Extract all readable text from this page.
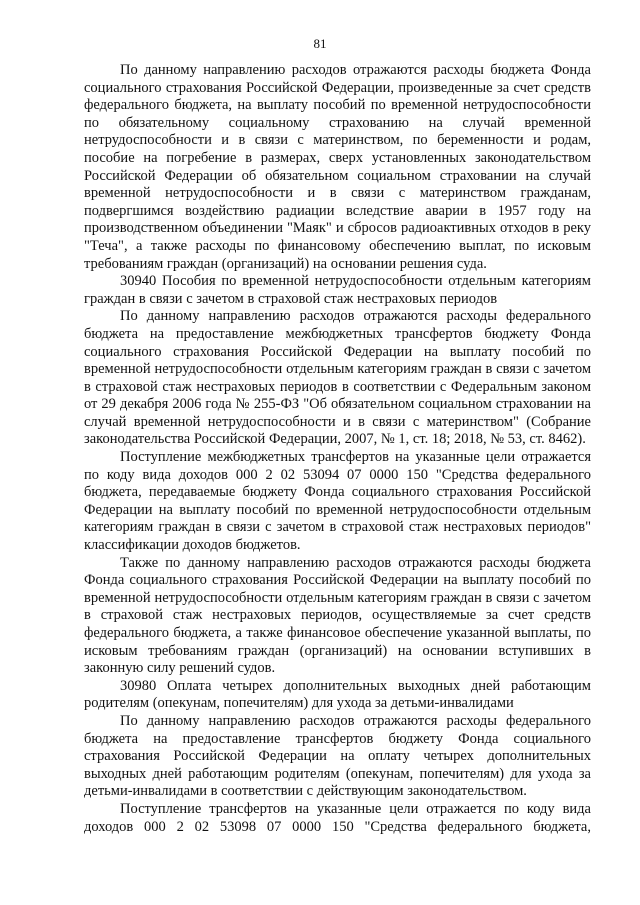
81

По данному направлению расходов отражаются расходы бюджета Фонда социального страхования Российской Федерации, произведенные за счет средств федерального бюджета, на выплату пособий по временной нетрудоспособности по обязательному социальному страхованию на случай временной нетрудоспособности и в связи с материнством, по беременности и родам, пособие на погребение в размерах, сверх установленных законодательством Российской Федерации об обязательном социальном страховании на случай временной нетрудоспособности и в связи с материнством гражданам, подвергшимся воздействию радиации вследствие аварии в 1957 году на производственном объединении "Маяк" и сбросов радиоактивных отходов в реку "Теча", а также расходы по финансовому обеспечению выплат, по исковым требованиям граждан (организаций) на основании решения суда.

30940 Пособия по временной нетрудоспособности отдельным категориям граждан в связи с зачетом в страховой стаж нестраховых периодов

По данному направлению расходов отражаются расходы федерального бюджета на предоставление межбюджетных трансфертов бюджету Фонда социального страхования Российской Федерации на выплату пособий по временной нетрудоспособности отдельным категориям граждан в связи с зачетом в страховой стаж нестраховых периодов в соответствии с Федеральным законом от 29 декабря 2006 года № 255-ФЗ "Об обязательном социальном страховании на случай временной нетрудоспособности и в связи с материнством" (Собрание законодательства Российской Федерации, 2007, № 1, ст. 18; 2018, № 53, ст. 8462).

Поступление межбюджетных трансфертов на указанные цели отражается по коду вида доходов 000 2 02 53094 07 0000 150 "Средства федерального бюджета, передаваемые бюджету Фонда социального страхования Российской Федерации на выплату пособий по временной нетрудоспособности отдельным категориям граждан в связи с зачетом в страховой стаж нестраховых периодов" классификации доходов бюджетов.

Также по данному направлению расходов отражаются расходы бюджета Фонда социального страхования Российской Федерации на выплату пособий по временной нетрудоспособности отдельным категориям граждан в связи с зачетом в страховой стаж нестраховых периодов, осуществляемые за счет средств федерального бюджета, а также финансовое обеспечение указанной выплаты, по исковым требованиям граждан (организаций) на основании вступивших в законную силу решений судов.

30980 Оплата четырех дополнительных выходных дней работающим родителям (опекунам, попечителям) для ухода за детьми-инвалидами

По данному направлению расходов отражаются расходы федерального бюджета на предоставление трансфертов бюджету Фонда социального страхования Российской Федерации на оплату четырех дополнительных выходных дней работающим родителям (опекунам, попечителям) для ухода за детьми-инвалидами в соответствии с действующим законодательством.

Поступление трансфертов на указанные цели отражается по коду вида доходов 000 2 02 53098 07 0000 150 "Средства федерального бюджета,
